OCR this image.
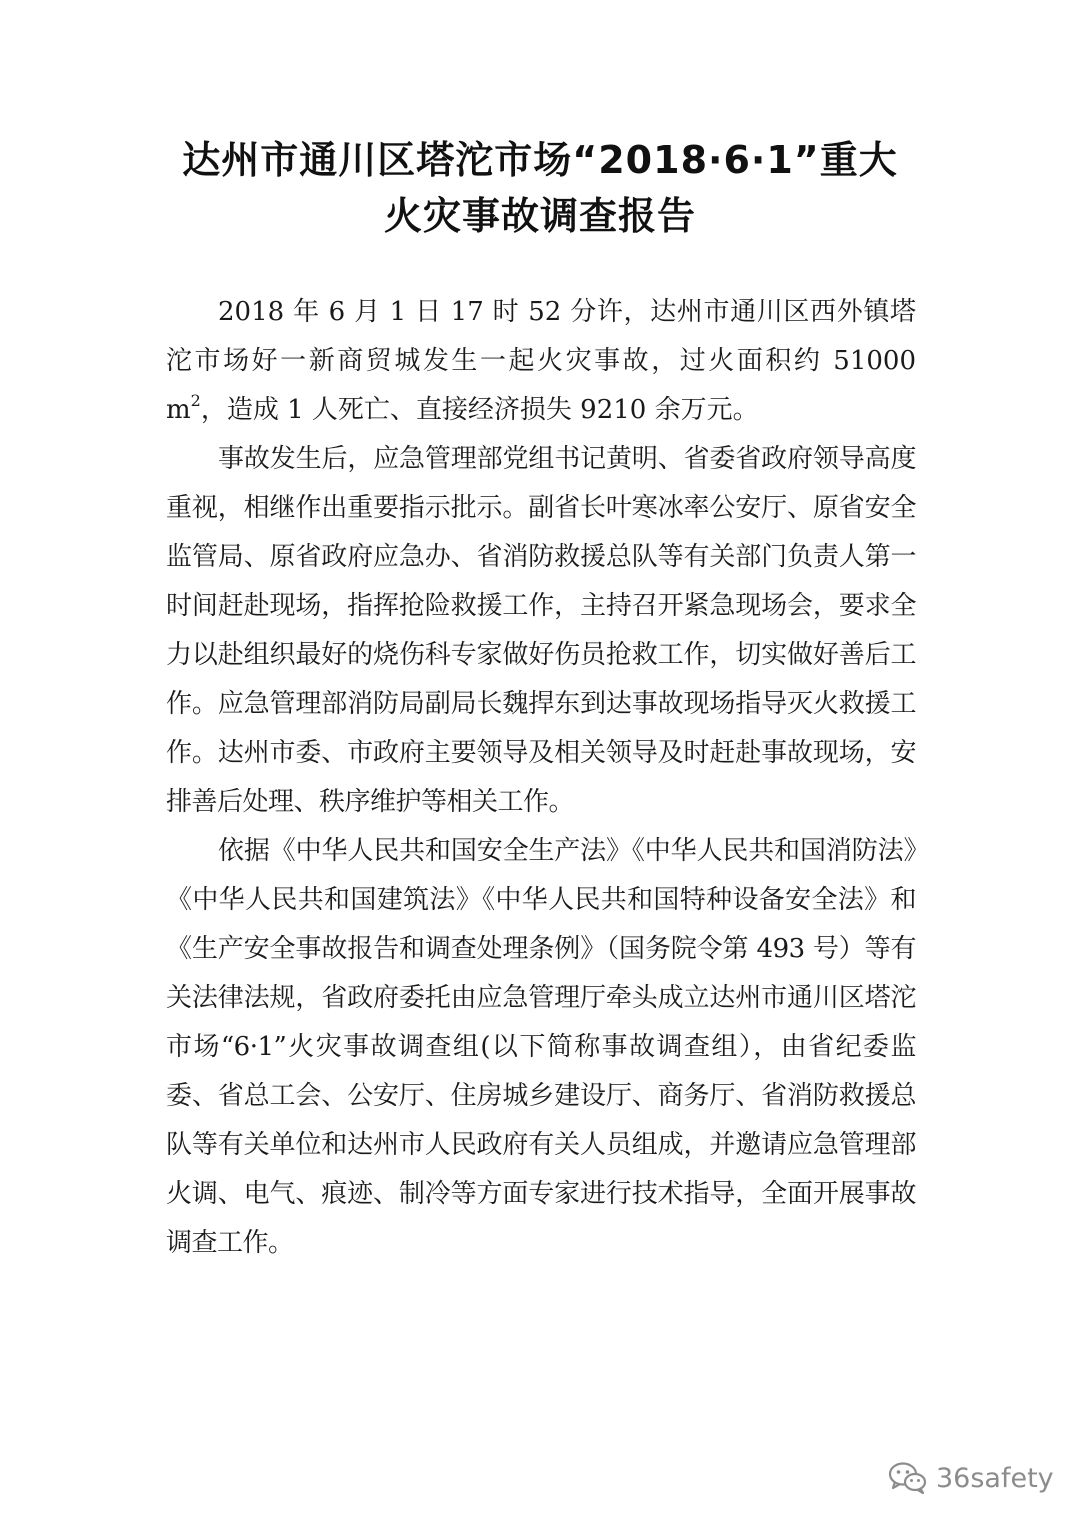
达州市通川区塔沱市场“2018·6·1”重大
火灾事故调查报告

2018 年 6 月 1 日 17 时 52 分许，达州市通川区西外镇塔沱市场好一新商贸城发生一起火灾事故，过火面积约 51000 $m^2$，造成 1 人死亡、直接经济损失 9210 余万元。

事故发生后，应急管理部党组书记黄明、省委省政府领导高度重视，相继作出重要指示批示。副省长叶寒冰率公安厅、原省安全监管局、原省政府应急办、省消防救援总队等有关部门负责人第一时间赶赴现场，指挥抢险救援工作，主持召开紧急现场会，要求全力以赴组织最好的烧伤科专家做好伤员抢救工作，切实做好善后工作。应急管理部消防局副局长魏捍东到达事故现场指导灭火救援工作。达州市委、市政府主要领导及相关领导及时赶赴事故现场，安排善后处理、秩序维护等相关工作。

依据《中华人民共和国安全生产法》《中华人民共和国消防法》《中华人民共和国建筑法》《中华人民共和国特种设备安全法》和《生产安全事故报告和调查处理条例》（国务院令第 493 号）等有关法律法规，省政府委托由应急管理厅牵头成立达州市通川区塔沱市场“6·1”火灾事故调查组(以下简称事故调查组），由省纪委监委、省总工会、公安厅、住房城乡建设厅、商务厅、省消防救援总队等有关单位和达州市人民政府有关人员组成，并邀请应急管理部火调、电气、痕迹、制冷等方面专家进行技术指导，全面开展事故调查工作。

36safety
